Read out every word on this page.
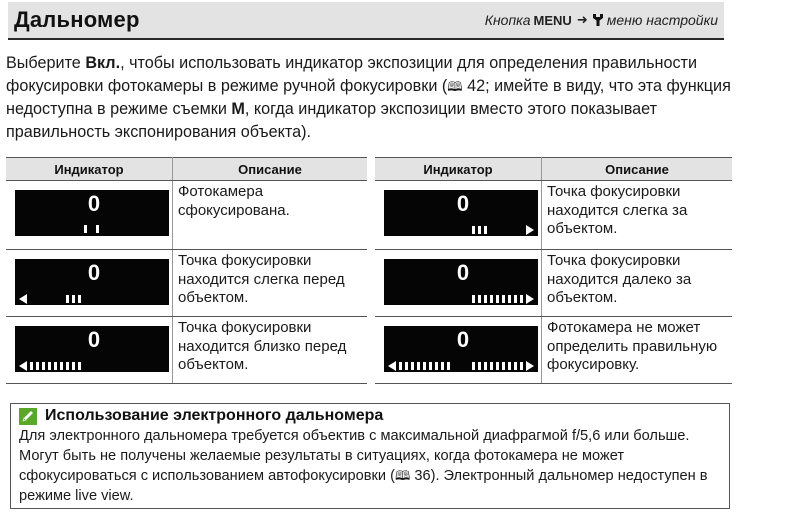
Дальномер	Кнопка MENU ➜ меню настройки
Выберите Вкл., чтобы использовать индикатор экспозиции для определения правильности фокусировки фотокамеры в режиме ручной фокусировки (🕮 42; имейте в виду, что эта функция недоступна в режиме съемки M, когда индикатор экспозиции вместо этого показывает правильность экспонирования объекта).
Индикатор	Описание

0	Фотокамера сфокусирована.

0	Точка фокусировки находится слегка перед объектом.

0	Точка фокусировки находится близко перед объектом.
Индикатор	Описание

0	Точка фокусировки находится слегка за объектом.

0	Точка фокусировки находится далеко за объектом.

0	Фотокамера не может определить правильную фокусировку.
Использование электронного дальномера
Для электронного дальномера требуется объектив с максимальной диафрагмой f/5,6 или больше. Могут быть не получены желаемые результаты в ситуациях, когда фотокамера не может сфокусироваться с использованием автофокусировки (🕮 36). Электронный дальномер недоступен в режиме live view.
